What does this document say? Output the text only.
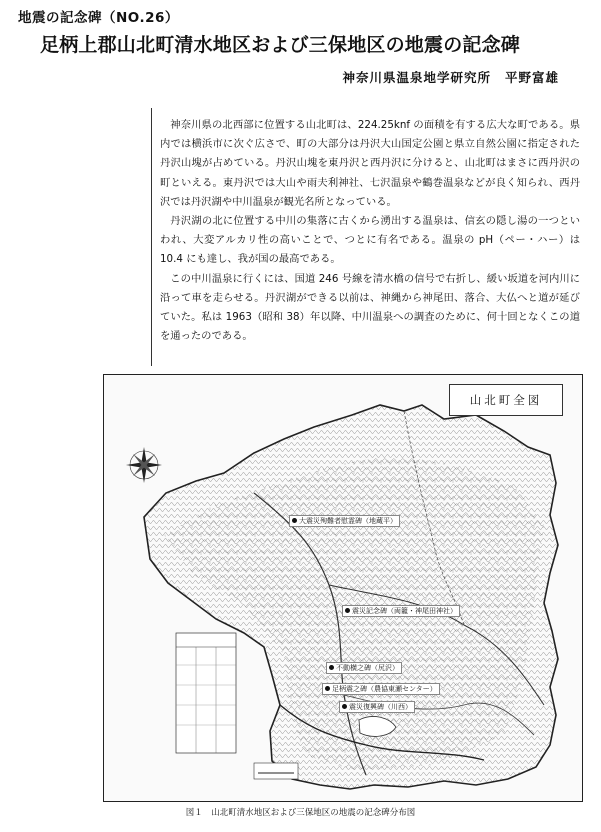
地震の記念碑（NO.26）
足柄上郡山北町清水地区および三保地区の地震の記念碑
神奈川県温泉地学研究所 平野富雄

神奈川県の北西部に位置する山北町は、224.25knf の面積を有する広大な町である。県内では横浜市に次ぐ広さで、町の大部分は丹沢大山国定公園と県立自然公園に指定された丹沢山塊が占めている。丹沢山塊を東丹沢と西丹沢に分けると、山北町はまさに西丹沢の町といえる。東丹沢では大山や雨夫利神社、七沢温泉や鶴巻温泉などが良く知られ、西丹沢では丹沢湖や中川温泉が観光名所となっている。

丹沢湖の北に位置する中川の集落に古くから湧出する温泉は、信玄の隠し湯の一つといわれ、大変アルカリ性の高いことで、つとに有名である。温泉の pH（ペー・ハー）は 10.4 にも達し、我が国の最高である。

この中川温泉に行くには、国道 246 号線を清水橋の信号で右折し、緩い坂道を河内川に沿って車を走らせる。丹沢湖ができる以前は、神縄から神尾田、落合、大仏へと道が延びていた。私は 1963（昭和 38）年以降、中川温泉への調査のために、何十回となくこの道を通ったのである。

山北町全図
大震災殉難者慰霊碑（地蔵平）
震災記念碑（両籠・神尾田神社）
不動横之碑（尻沢）
足柄震之碑（農協東瀬センター）
震災復興碑（川西）
図１　山北町清水地区および三保地区の地震の記念碑分布図
